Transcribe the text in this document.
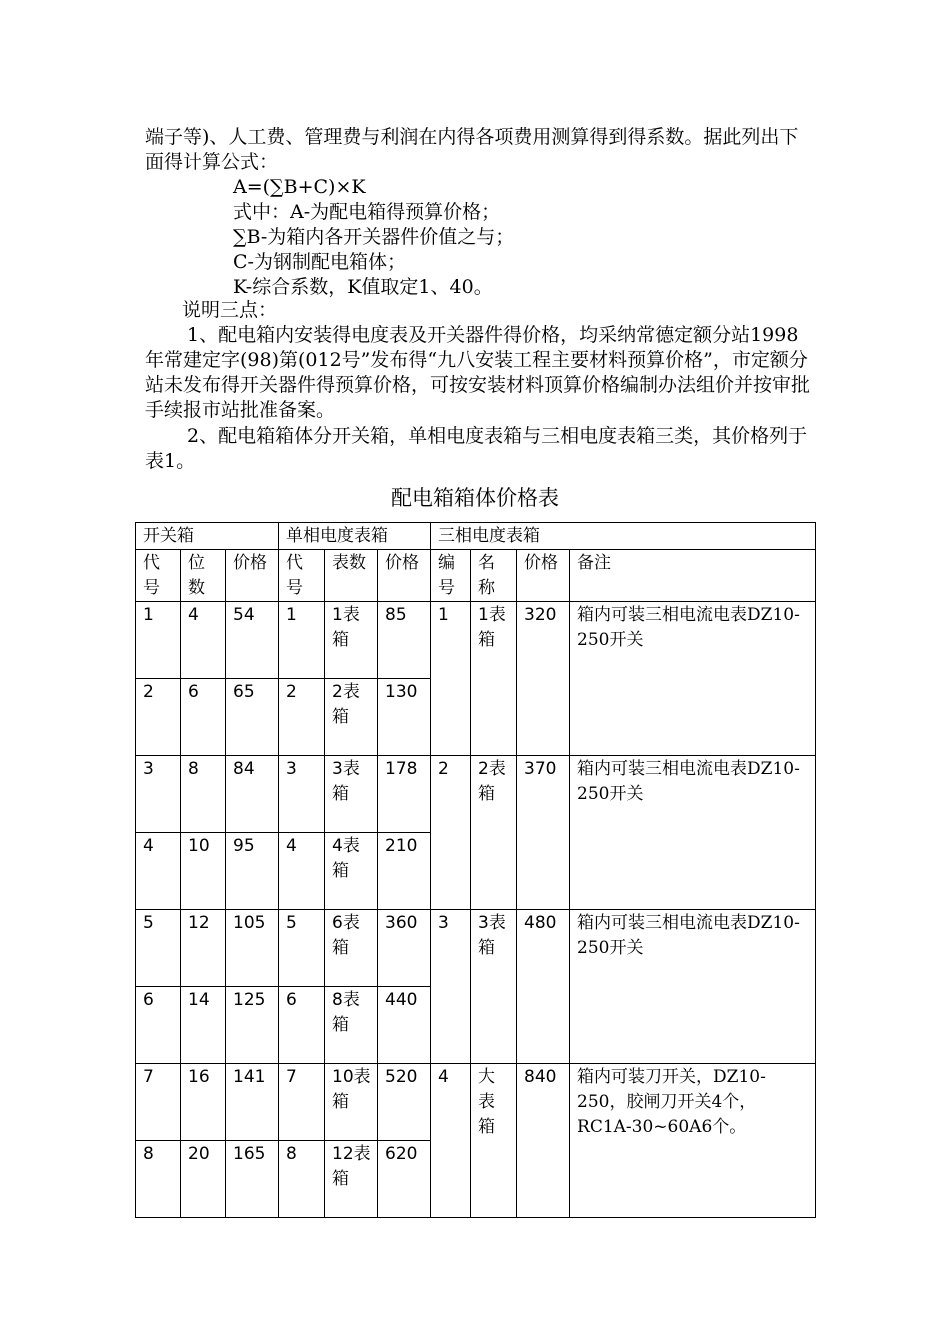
端子等)、人工费、管理费与利润在内得各项费用测算得到得系数。据此列出下面得计算公式：

A=(∑B+C)×K
式中：A-为配电箱得预算价格；
∑B-为箱内各开关器件价值之与；
C-为钢制配电箱体；
K-综合系数，K值取定1、40。
说明三点：

1、配电箱内安装得电度表及开关器件得价格，均采纳常德定额分站1998年常建定字(98)第(012号”发布得“九八安装工程主要材料预算价格”，市定额分站未发布得开关器件得预算价格，可按安装材料顶算价格编制办法组价并按审批手续报市站批准备案。

2、配电箱箱体分开关箱，单相电度表箱与三相电度表箱三类，其价格列于表1。

配电箱箱体价格表
开关箱			单相电度表箱			三相电度表箱			
代号	位数	价格	代号	表数	价格	编号	名称	价格	备注
1	4	54	1	1表箱	85	1	1表箱	320	箱内可装三相电流电表DZ10-250开关
2	6	65	2	2表箱	130				
3	8	84	3	3表箱	178	2	2表箱	370	箱内可装三相电流电表DZ10-250开关
4	10	95	4	4表箱	210				
5	12	105	5	6表箱	360	3	3表箱	480	箱内可装三相电流电表DZ10-250开关
6	14	125	6	8表箱	440				
7	16	141	7	10表箱	520	4	大表箱	840	箱内可装刀开关，DZ10-250，胶闸刀开关4个，RC1A-30~60A6个。
8	20	165	8	12表箱	620				
